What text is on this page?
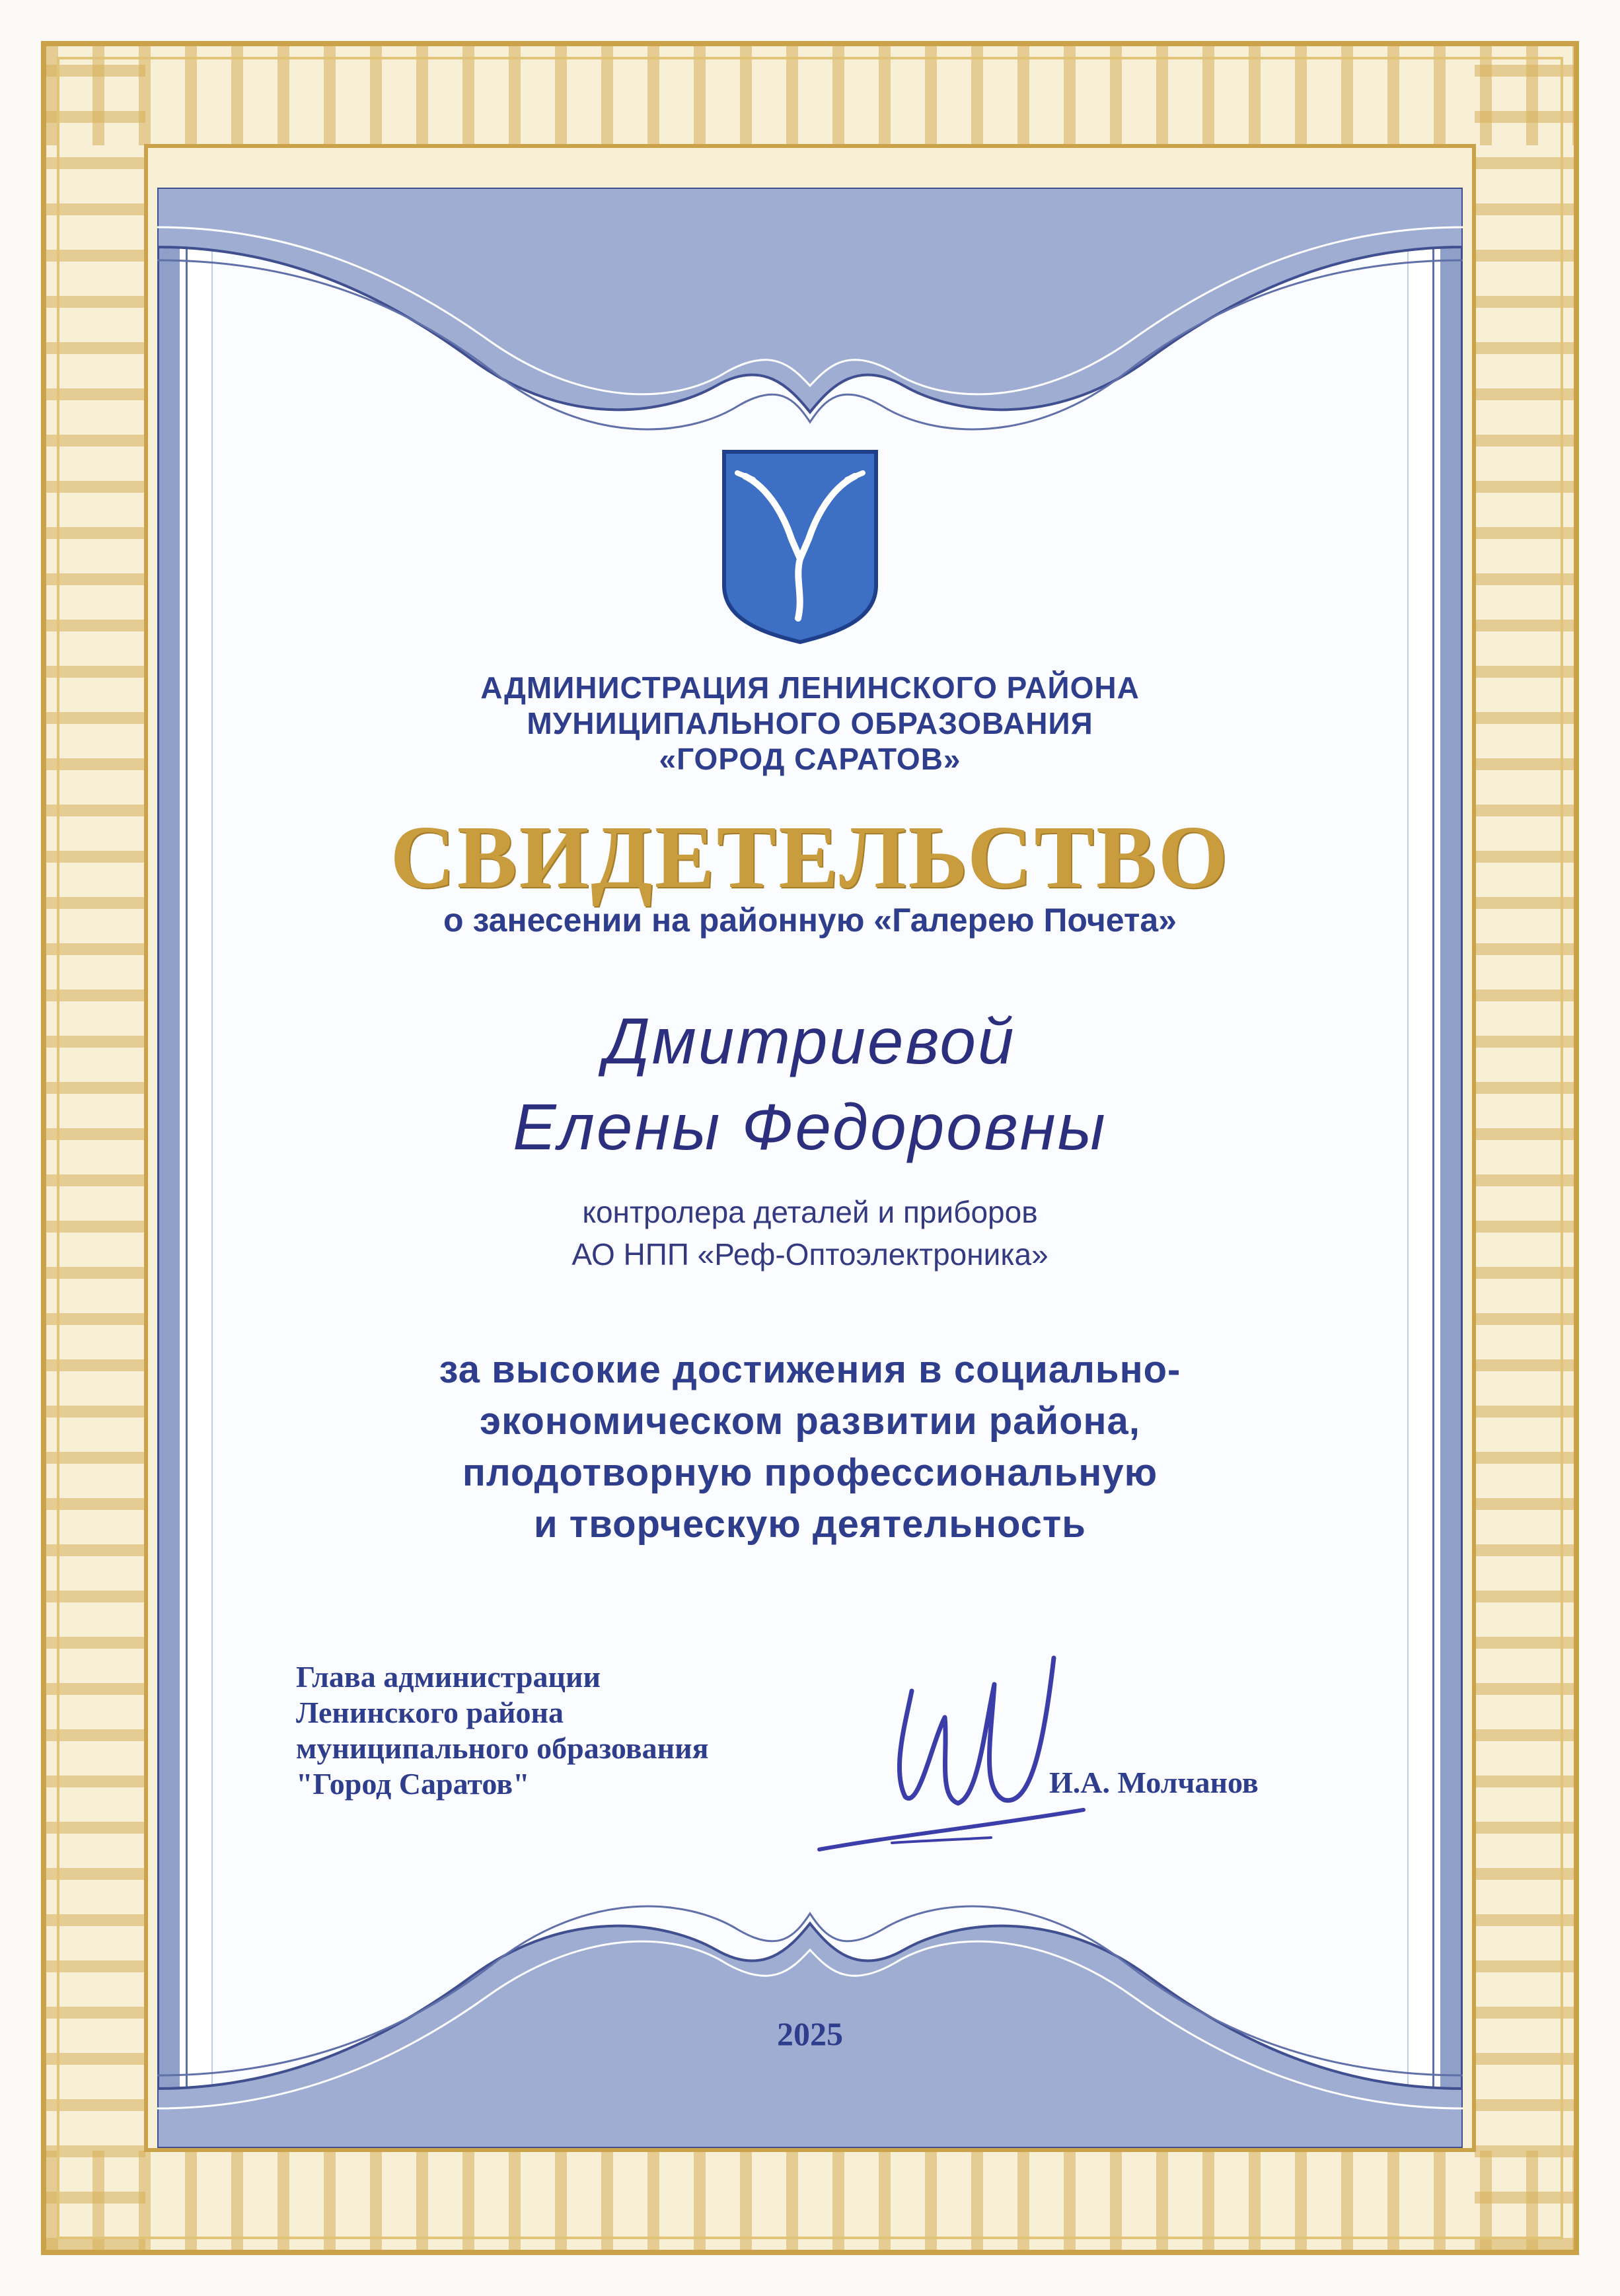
АДМИНИСТРАЦИЯ ЛЕНИНСКОГО РАЙОНА
МУНИЦИПАЛЬНОГО ОБРАЗОВАНИЯ
«ГОРОД САРАТОВ»
СВИДЕТЕЛЬСТВО
о занесении на районную «Галерею Почета»
Дмитриевой
Елены Федоровны
контролера деталей и приборов
АО НПП «Реф-Оптоэлектроника»
за высокие достижения в социально-
экономическом развитии района,
плодотворную профессиональную
и творческую деятельность
Глава администрации
Ленинского района
муниципального образования
"Город Саратов"	И.А. Молчанов
2025
